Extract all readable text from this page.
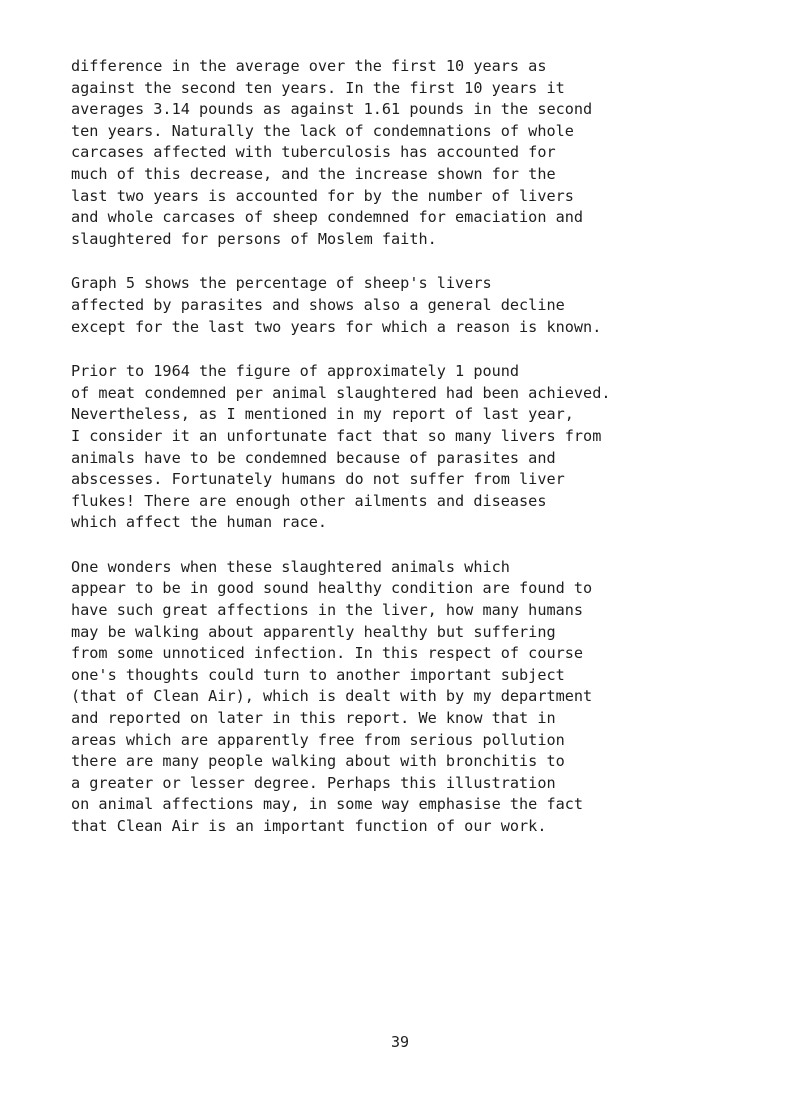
difference in the average over the first 10 years as
against the second ten years. In the first 10 years it
averages 3.14 pounds as against 1.61 pounds in the second
ten years. Naturally the lack of condemnations of whole
carcases affected with tuberculosis has accounted for
much of this decrease, and the increase shown for the
last two years is accounted for by the number of livers
and whole carcases of sheep condemned for emaciation and
slaughtered for persons of Moslem faith.

Graph 5 shows the percentage of sheep's livers
affected by parasites and shows also a general decline
except for the last two years for which a reason is known.

Prior to 1964 the figure of approximately 1 pound
of meat condemned per animal slaughtered had been achieved.
Nevertheless, as I mentioned in my report of last year,
I consider it an unfortunate fact that so many livers from
animals have to be condemned because of parasites and
abscesses. Fortunately humans do not suffer from liver
flukes! There are enough other ailments and diseases
which affect the human race.

One wonders when these slaughtered animals which
appear to be in good sound healthy condition are found to
have such great affections in the liver, how many humans
may be walking about apparently healthy but suffering
from some unnoticed infection. In this respect of course
one's thoughts could turn to another important subject
(that of Clean Air), which is dealt with by my department
and reported on later in this report. We know that in
areas which are apparently free from serious pollution
there are many people walking about with bronchitis to
a greater or lesser degree. Perhaps this illustration
on animal affections may, in some way emphasise the fact
that Clean Air is an important function of our work.

39
